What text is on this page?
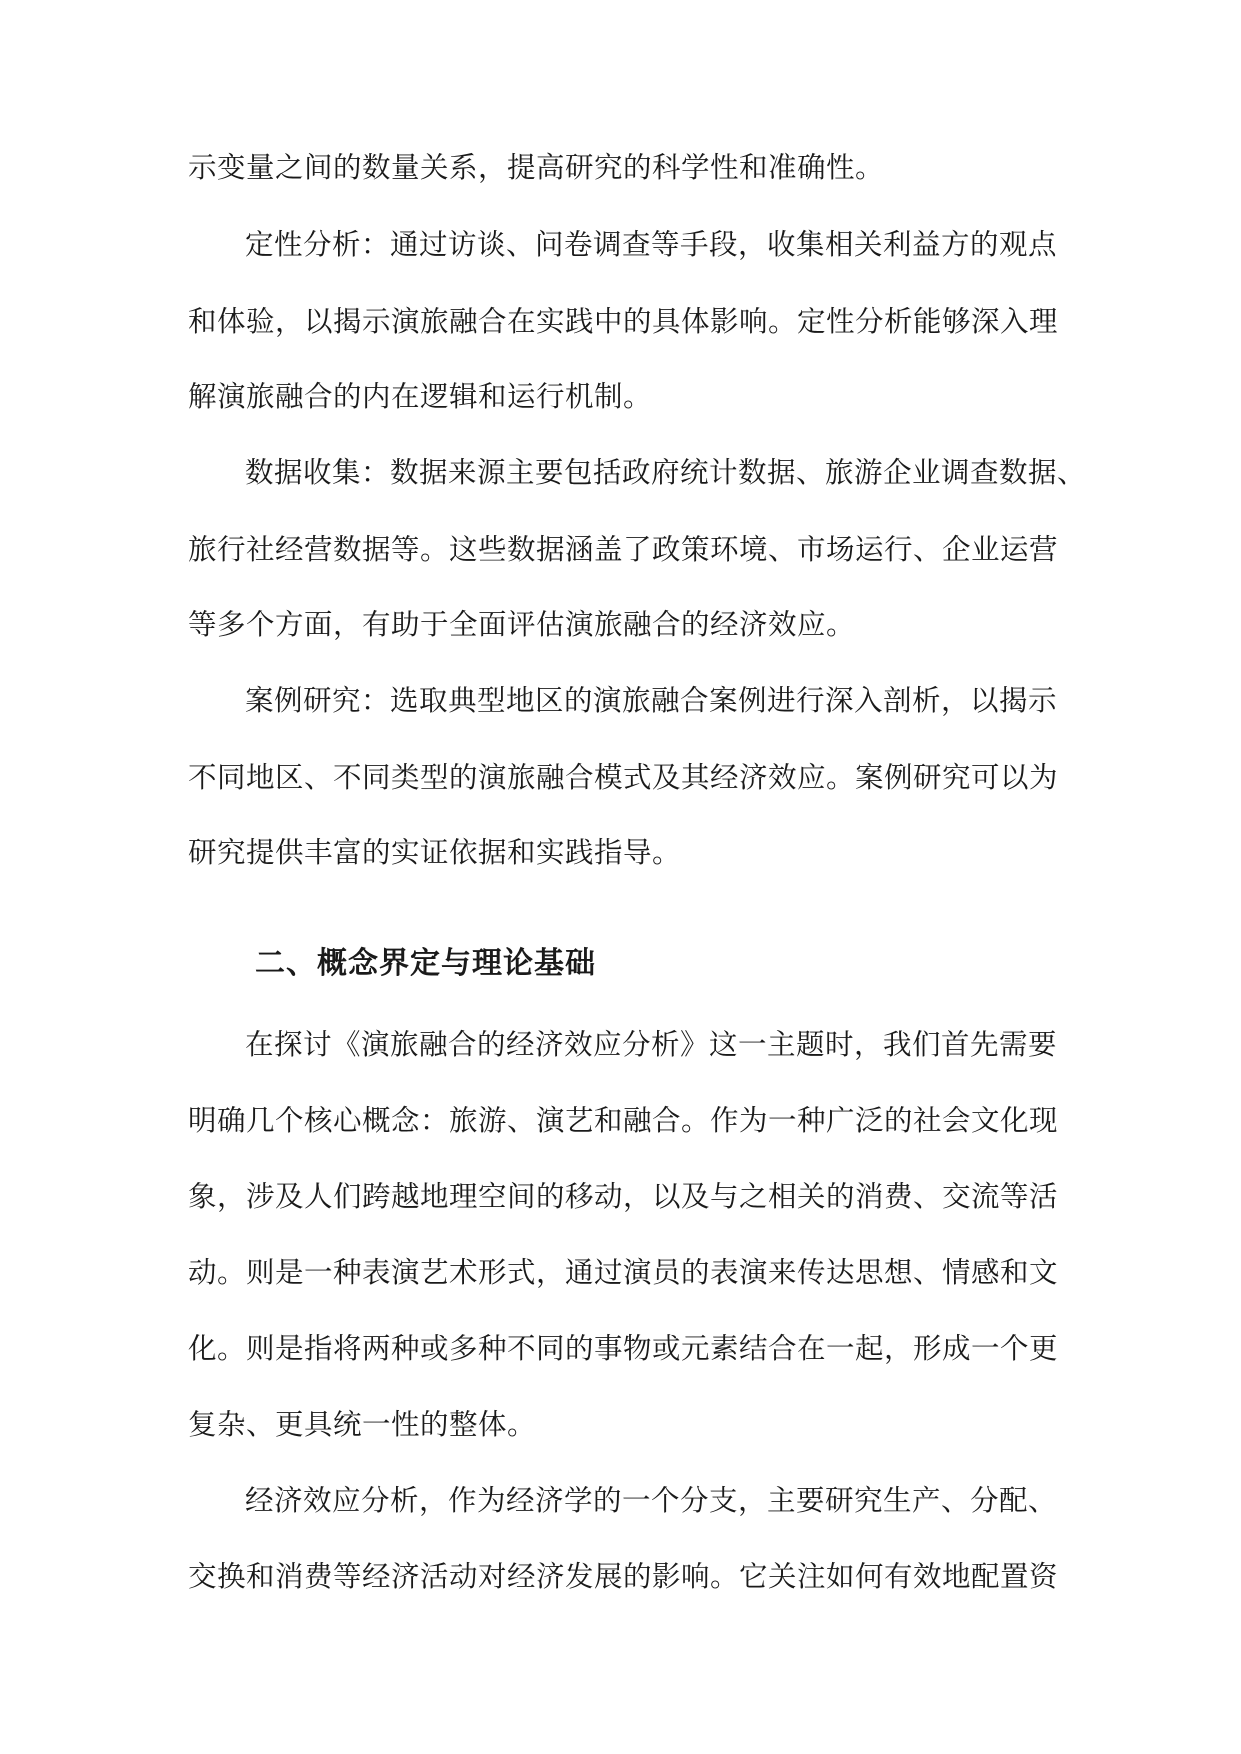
示变量之间的数量关系，提高研究的科学性和准确性。
定性分析：通过访谈、问卷调查等手段，收集相关利益方的观点
和体验，以揭示演旅融合在实践中的具体影响。定性分析能够深入理
解演旅融合的内在逻辑和运行机制。
数据收集：数据来源主要包括政府统计数据、旅游企业调查数据、
旅行社经营数据等。这些数据涵盖了政策环境、市场运行、企业运营
等多个方面，有助于全面评估演旅融合的经济效应。
案例研究：选取典型地区的演旅融合案例进行深入剖析，以揭示
不同地区、不同类型的演旅融合模式及其经济效应。案例研究可以为
研究提供丰富的实证依据和实践指导。
二、概念界定与理论基础
在探讨《演旅融合的经济效应分析》这一主题时，我们首先需要
明确几个核心概念：旅游、演艺和融合。作为一种广泛的社会文化现
象，涉及人们跨越地理空间的移动，以及与之相关的消费、交流等活
动。则是一种表演艺术形式，通过演员的表演来传达思想、情感和文
化。则是指将两种或多种不同的事物或元素结合在一起，形成一个更
复杂、更具统一性的整体。
经济效应分析，作为经济学的一个分支，主要研究生产、分配、
交换和消费等经济活动对经济发展的影响。它关注如何有效地配置资
